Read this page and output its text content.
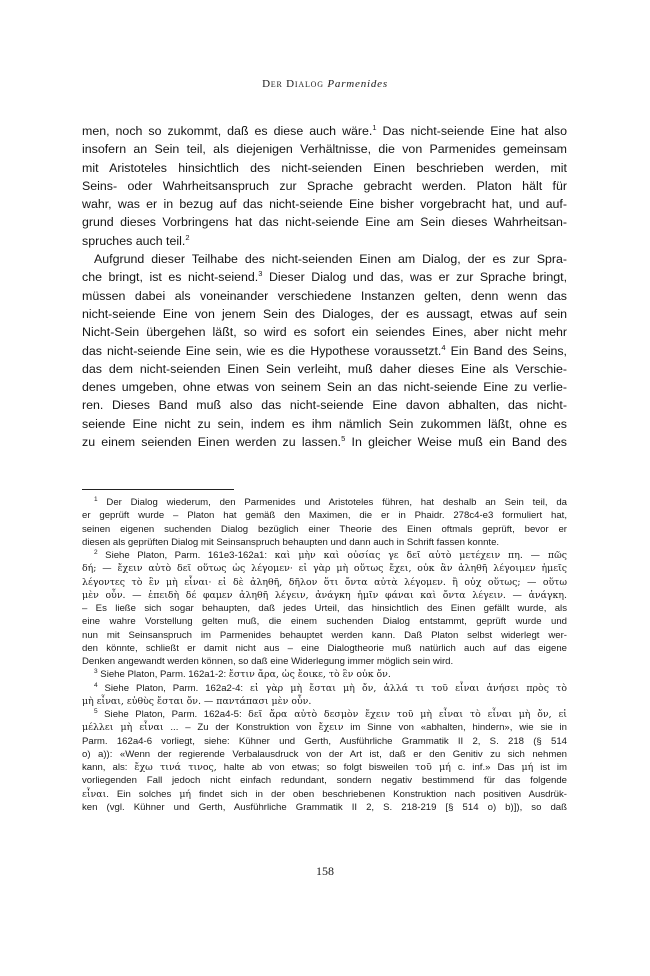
Der Dialog Parmenides
men, noch so zukommt, daß es diese auch wäre.$^1$ Das nicht-seiende Eine hat also
insofern an Sein teil, als diejenigen Verhältnisse, die von Parmenides gemeinsam
mit Aristoteles hinsichtlich des nicht-seienden Einen beschrieben werden, mit
Seins- oder Wahrheitsanspruch zur Sprache gebracht werden. Platon hält für
wahr, was er in bezug auf das nicht-seiende Eine bisher vorgebracht hat, und auf-
grund dieses Vorbringens hat das nicht-seiende Eine am Sein dieses Wahrheitsan-
spruches auch teil.$^2$
Aufgrund dieser Teilhabe des nicht-seienden Einen am Dialog, der es zur Spra-
che bringt, ist es nicht-seiend.$^3$ Dieser Dialog und das, was er zur Sprache bringt,
müssen dabei als voneinander verschiedene Instanzen gelten, denn wenn das
nicht-seiende Eine von jenem Sein des Dialoges, der es aussagt, etwas auf sein
Nicht-Sein übergehen läßt, so wird es sofort ein seiendes Eines, aber nicht mehr
das nicht-seiende Eine sein, wie es die Hypothese voraussetzt.$^4$ Ein Band des Seins,
das dem nicht-seienden Einen Sein verleiht, muß daher dieses Eine als Verschie-
denes umgeben, ohne etwas von seinem Sein an das nicht-seiende Eine zu verlie-
ren. Dieses Band muß also das nicht-seiende Eine davon abhalten, das nicht-
seiende Eine nicht zu sein, indem es ihm nämlich Sein zukommen läßt, ohne es
zu einem seienden Einen werden zu lassen.$^5$ In gleicher Weise muß ein Band des
$^1$ Der Dialog wiederum, den Parmenides und Aristoteles führen, hat deshalb an Sein teil, da
er geprüft wurde – Platon hat gemäß den Maximen, die er in Phaidr. 278c4-e3 formuliert hat,
seinen eigenen suchenden Dialog bezüglich einer Theorie des Einen oftmals geprüft, bevor er
diesen als geprüften Dialog mit Seinsanspruch behaupten und dann auch in Schrift fassen konnte.
$^2$ Siehe Platon, Parm. 161e3-162a1: καὶ μὴν καὶ οὐσίας γε δεῖ αὐτὸ μετέχειν πη. — πῶς
δή; — ἔχειν αὐτὸ δεῖ οὕτως ὡς λέγομεν· εἰ γὰρ μὴ οὕτως ἔχει, οὐκ ἂν ἀληθῆ λέγοιμεν ἡμεῖς
λέγοντες τὸ ἓν μὴ εἶναι· εἰ δὲ ἀληθῆ, δῆλον ὅτι ὄντα αὐτὰ λέγομεν. ἢ οὐχ οὕτως; — οὕτω
μὲν οὖν. — ἐπειδὴ δέ φαμεν ἀληθῆ λέγειν, ἀνάγκη ἡμῖν φάναι καὶ ὄντα λέγειν. — ἀνάγκη.
– Es ließe sich sogar behaupten, daß jedes Urteil, das hinsichtlich des Einen gefällt wurde, als
eine wahre Vorstellung gelten muß, die einem suchenden Dialog entstammt, geprüft wurde und
nun mit Seinsanspruch im Parmenides behauptet werden kann. Daß Platon selbst widerlegt wer-
den könnte, schließt er damit nicht aus – eine Dialogtheorie muß natürlich auch auf das eigene
Denken angewandt werden können, so daß eine Widerlegung immer möglich sein wird.
$^3$ Siehe Platon, Parm. 162a1-2: ἔστιν ἄρα, ὡς ἔοικε, τὸ ἓν οὐκ ὄν.
$^4$ Siehe Platon, Parm. 162a2-4: εἰ γὰρ μὴ ἔσται μὴ ὄν, ἀλλά τι τοῦ εἶναι ἀνήσει πρὸς τὸ
μὴ εἶναι, εὐθὺς ἔσται ὄν. — παντάπασι μὲν οὖν.
$^5$ Siehe Platon, Parm. 162a4-5: δεῖ ἄρα αὐτὸ δεσμὸν ἔχειν τοῦ μὴ εἶναι τὸ εἶναι μὴ ὄν, εἰ
μέλλει μὴ εἶναι ... – Zu der Konstruktion von ἔχειν im Sinne von «abhalten, hindern», wie sie in
Parm. 162a4-6 vorliegt, siehe: Kühner und Gerth, Ausführliche Grammatik II 2, S. 218 (§ 514
o) a)): «Wenn der regierende Verbalausdruck von der Art ist, daß er den Genitiv zu sich nehmen
kann, als: ἔχω τινά τινος, halte ab von etwas; so folgt bisweilen τοῦ μή c. inf.» Das μή ist im
vorliegenden Fall jedoch nicht einfach redundant, sondern negativ bestimmend für das folgende
εἶναι. Ein solches μή findet sich in der oben beschriebenen Konstruktion nach positiven Ausdrük-
ken (vgl. Kühner und Gerth, Ausführliche Grammatik II 2, S. 218-219 [§ 514 o) b)]), so daß
158
